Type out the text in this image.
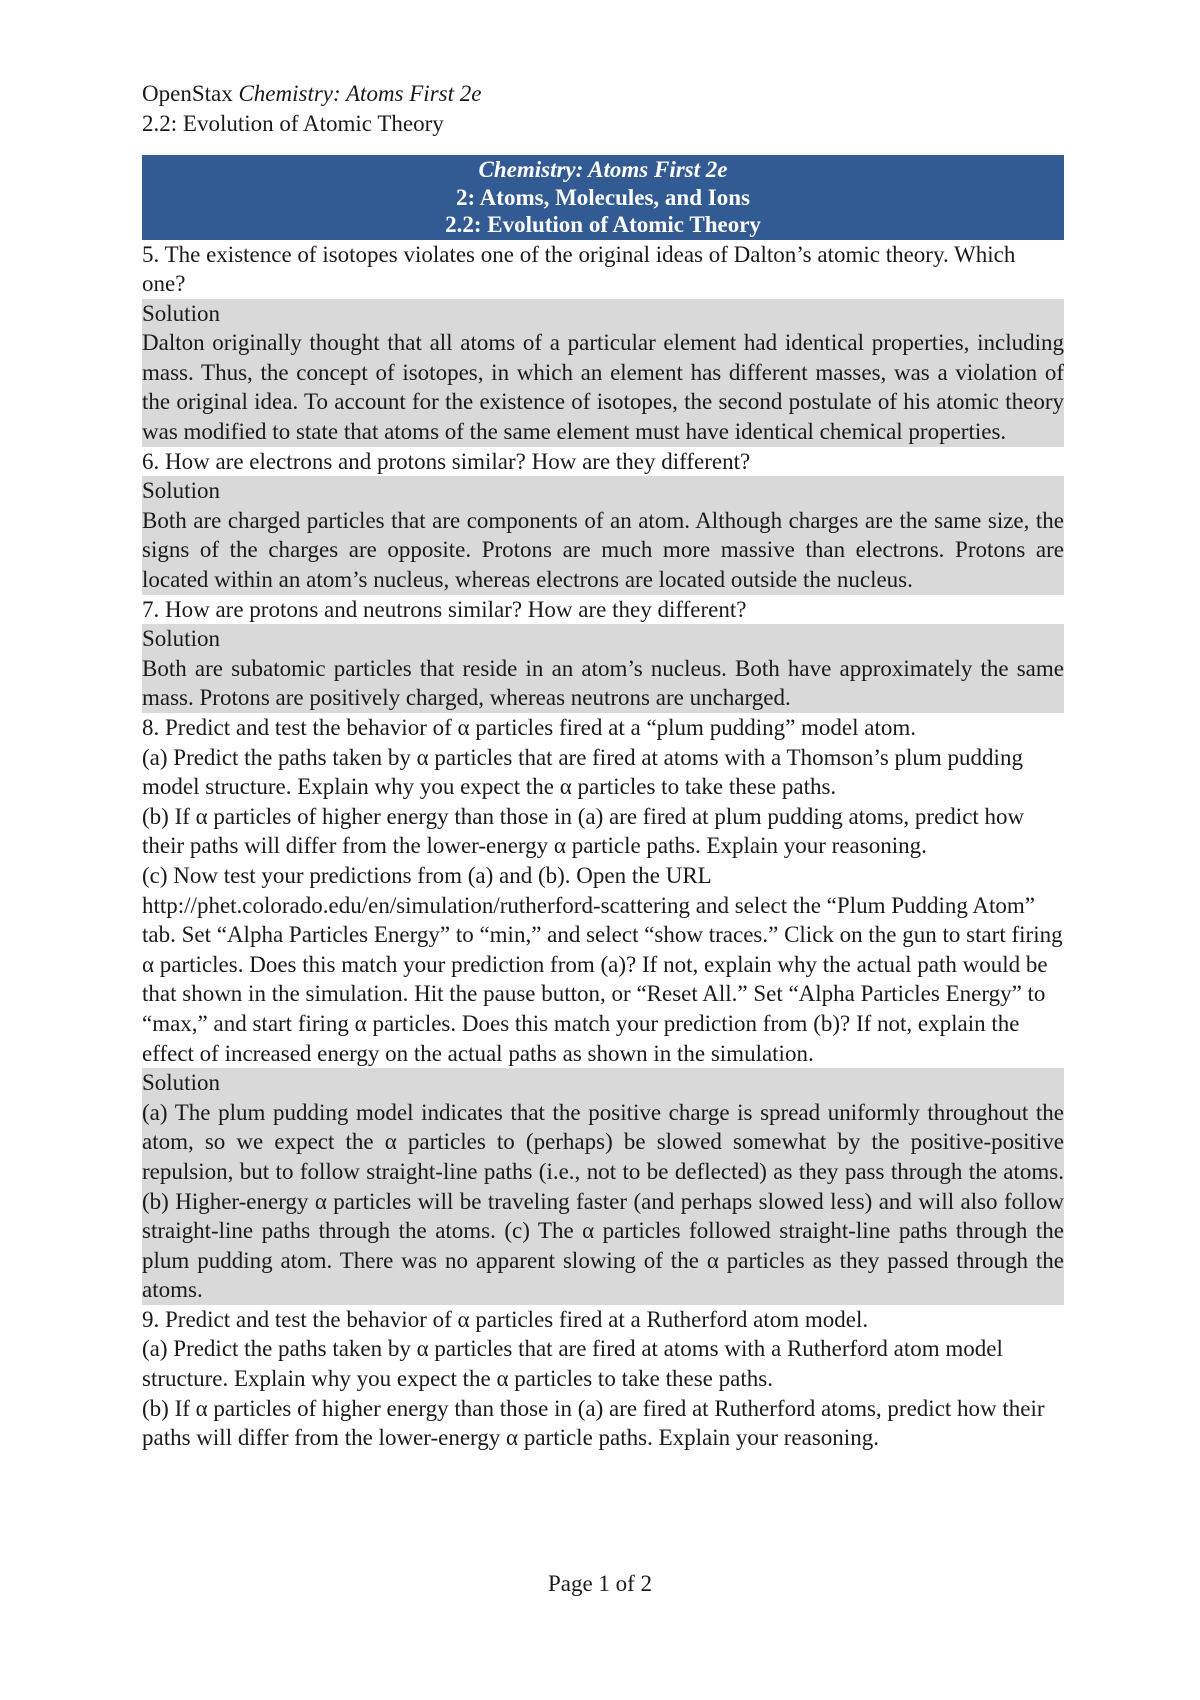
OpenStax Chemistry: Atoms First 2e
2.2: Evolution of Atomic Theory
Chemistry: Atoms First 2e
2: Atoms, Molecules, and Ions
2.2: Evolution of Atomic Theory
5. The existence of isotopes violates one of the original ideas of Dalton’s atomic theory. Which one?
Solution
Dalton originally thought that all atoms of a particular element had identical properties, including mass. Thus, the concept of isotopes, in which an element has different masses, was a violation of the original idea. To account for the existence of isotopes, the second postulate of his atomic theory was modified to state that atoms of the same element must have identical chemical properties.
6. How are electrons and protons similar? How are they different?
Solution
Both are charged particles that are components of an atom. Although charges are the same size, the signs of the charges are opposite. Protons are much more massive than electrons. Protons are located within an atom’s nucleus, whereas electrons are located outside the nucleus.
7. How are protons and neutrons similar? How are they different?
Solution
Both are subatomic particles that reside in an atom’s nucleus. Both have approximately the same mass. Protons are positively charged, whereas neutrons are uncharged.
8. Predict and test the behavior of α particles fired at a “plum pudding” model atom.
(a) Predict the paths taken by α particles that are fired at atoms with a Thomson’s plum pudding model structure. Explain why you expect the α particles to take these paths.
(b) If α particles of higher energy than those in (a) are fired at plum pudding atoms, predict how their paths will differ from the lower-energy α particle paths. Explain your reasoning.
(c) Now test your predictions from (a) and (b). Open the URL
http://phet.colorado.edu/en/simulation/rutherford-scattering and select the “Plum Pudding Atom” tab. Set “Alpha Particles Energy” to “min,” and select “show traces.” Click on the gun to start firing α particles. Does this match your prediction from (a)? If not, explain why the actual path would be that shown in the simulation. Hit the pause button, or “Reset All.” Set “Alpha Particles Energy” to “max,” and start firing α particles. Does this match your prediction from (b)? If not, explain the effect of increased energy on the actual paths as shown in the simulation.
Solution
(a) The plum pudding model indicates that the positive charge is spread uniformly throughout the atom, so we expect the α particles to (perhaps) be slowed somewhat by the positive-positive repulsion, but to follow straight-line paths (i.e., not to be deflected) as they pass through the atoms. (b) Higher-energy α particles will be traveling faster (and perhaps slowed less) and will also follow straight-line paths through the atoms. (c) The α particles followed straight-line paths through the plum pudding atom. There was no apparent slowing of the α particles as they passed through the atoms.
9. Predict and test the behavior of α particles fired at a Rutherford atom model.
(a) Predict the paths taken by α particles that are fired at atoms with a Rutherford atom model structure. Explain why you expect the α particles to take these paths.
(b) If α particles of higher energy than those in (a) are fired at Rutherford atoms, predict how their paths will differ from the lower-energy α particle paths. Explain your reasoning.
Page 1 of 2
